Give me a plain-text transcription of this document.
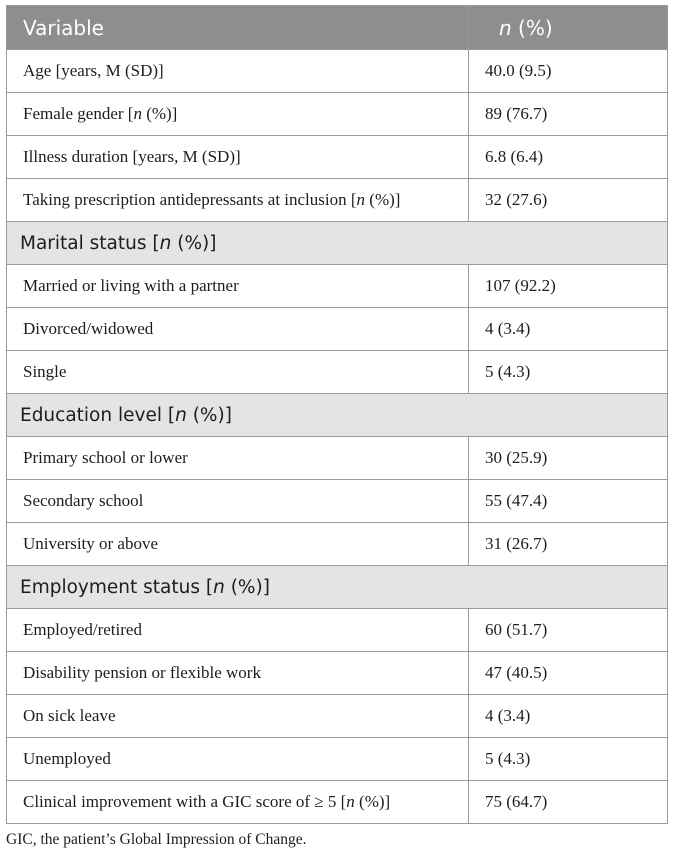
Variable	n (%)
Age [years, M (SD)]	40.0 (9.5)
Female gender [n (%)]	89 (76.7)
Illness duration [years, M (SD)]	6.8 (6.4)
Taking prescription antidepressants at inclusion [n (%)]	32 (27.6)
Marital status [n (%)]	
Married or living with a partner	107 (92.2)
Divorced/widowed	4 (3.4)
Single	5 (4.3)
Education level [n (%)]	
Primary school or lower	30 (25.9)
Secondary school	55 (47.4)
University or above	31 (26.7)
Employment status [n (%)]	
Employed/retired	60 (51.7)
Disability pension or flexible work	47 (40.5)
On sick leave	4 (3.4)
Unemployed	5 (4.3)
Clinical improvement with a GIC score of ≥ 5 [n (%)]	75 (64.7)
GIC, the patient’s Global Impression of Change.
